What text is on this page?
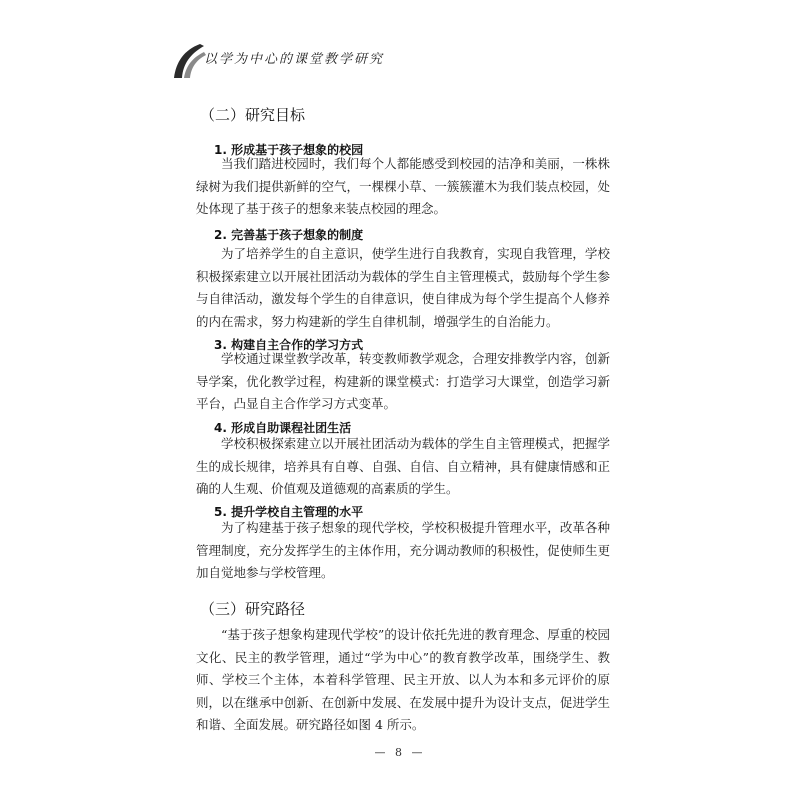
以学为中心的课堂教学研究
（二）研究目标
1. 形成基于孩子想象的校园

当我们踏进校园时，我们每个人都能感受到校园的洁净和美丽，一株株绿树为我们提供新鲜的空气，一棵棵小草、一簇簇灌木为我们装点校园，处处体现了基于孩子的想象来装点校园的理念。

2. 完善基于孩子想象的制度

为了培养学生的自主意识，使学生进行自我教育，实现自我管理，学校积极探索建立以开展社团活动为载体的学生自主管理模式，鼓励每个学生参与自律活动，激发每个学生的自律意识，使自律成为每个学生提高个人修养的内在需求，努力构建新的学生自律机制，增强学生的自治能力。

3. 构建自主合作的学习方式

学校通过课堂教学改革，转变教师教学观念，合理安排教学内容，创新导学案，优化教学过程，构建新的课堂模式：打造学习大课堂，创造学习新平台，凸显自主合作学习方式变革。

4. 形成自助课程社团生活

学校积极探索建立以开展社团活动为载体的学生自主管理模式，把握学生的成长规律，培养具有自尊、自强、自信、自立精神，具有健康情感和正确的人生观、价值观及道德观的高素质的学生。

5. 提升学校自主管理的水平

为了构建基于孩子想象的现代学校，学校积极提升管理水平，改革各种管理制度，充分发挥学生的主体作用，充分调动教师的积极性，促使师生更加自觉地参与学校管理。

（三）研究路径

“基于孩子想象构建现代学校”的设计依托先进的教育理念、厚重的校园文化、民主的教学管理，通过“学为中心”的教育教学改革，围绕学生、教师、学校三个主体，本着科学管理、民主开放、以人为本和多元评价的原则，以在继承中创新、在创新中发展、在发展中提升为设计支点，促进学生和谐、全面发展。研究路径如图 4 所示。

— 8 —
